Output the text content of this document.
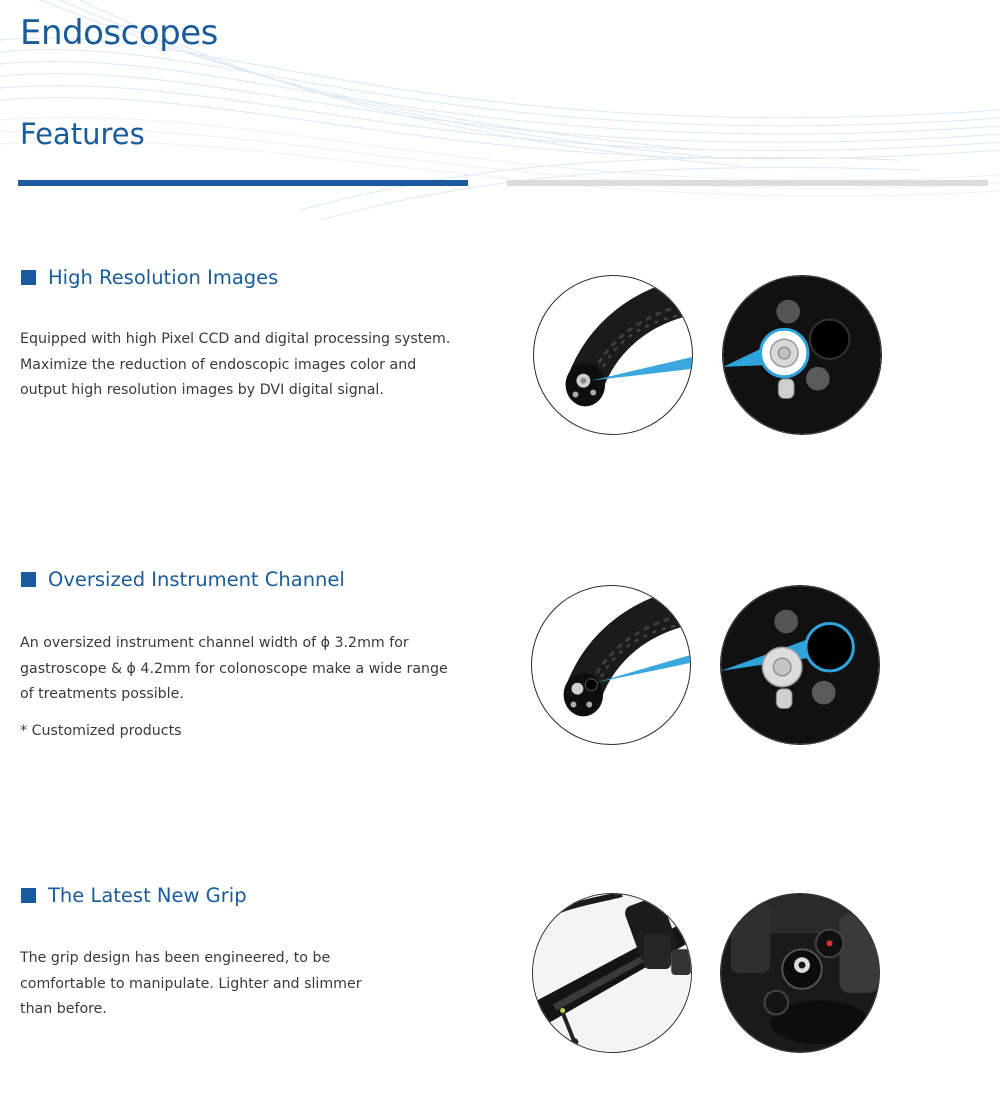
Endoscopes
Features
High Resolution Images

Equipped with high Pixel CCD and digital processing system.
Maximize the reduction of endoscopic images color and
output high resolution images by DVI digital signal.

Oversized Instrument Channel

An oversized instrument channel width of ϕ 3.2mm for
gastroscope & ϕ 4.2mm for colonoscope make a wide range
of treatments possible.

* Customized products
The Latest New Grip

The grip design has been engineered, to be
comfortable to manipulate. Lighter and slimmer
than before.
